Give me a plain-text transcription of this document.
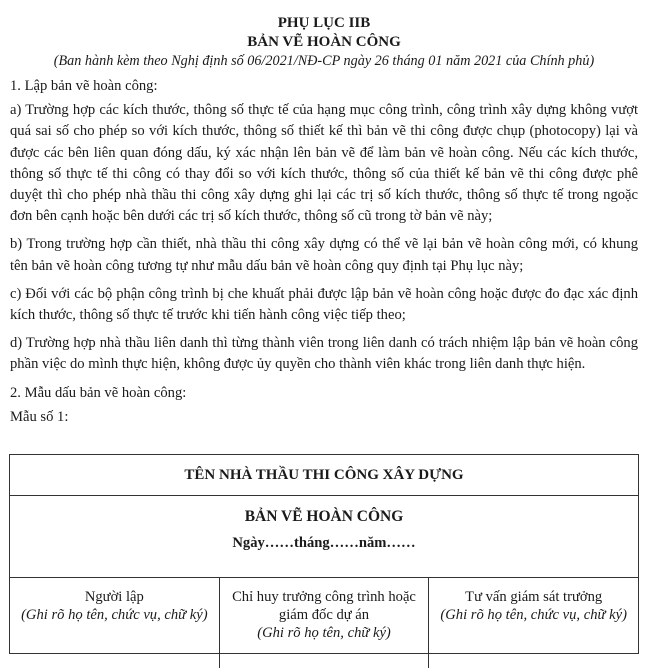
PHỤ LỤC IIB
BẢN VẼ HOÀN CÔNG
(Ban hành kèm theo Nghị định số 06/2021/NĐ-CP ngày 26 tháng 01 năm 2021 của Chính phủ)

1. Lập bản vẽ hoàn công:

a) Trường hợp các kích thước, thông số thực tế của hạng mục công trình, công trình xây dựng không vượt quá sai số cho phép so với kích thước, thông số thiết kế thì bản vẽ thi công được chụp (photocopy) lại và được các bên liên quan đóng dấu, ký xác nhận lên bản vẽ để làm bản vẽ hoàn công. Nếu các kích thước, thông số thực tế thi công có thay đổi so với kích thước, thông số của thiết kế bản vẽ thi công được phê duyệt thì cho phép nhà thầu thi công xây dựng ghi lại các trị số kích thước, thông số thực tế trong ngoặc đơn bên cạnh hoặc bên dưới các trị số kích thước, thông số cũ trong tờ bản vẽ này;

b) Trong trường hợp cần thiết, nhà thầu thi công xây dựng có thể vẽ lại bản vẽ hoàn công mới, có khung tên bản vẽ hoàn công tương tự như mẫu dấu bản vẽ hoàn công quy định tại Phụ lục này;

c) Đối với các bộ phận công trình bị che khuất phải được lập bản vẽ hoàn công hoặc được đo đạc xác định kích thước, thông số thực tế trước khi tiến hành công việc tiếp theo;

d) Trường hợp nhà thầu liên danh thì từng thành viên trong liên danh có trách nhiệm lập bản vẽ hoàn công phần việc do mình thực hiện, không được ủy quyền cho thành viên khác trong liên danh thực hiện.

2. Mẫu dấu bản vẽ hoàn công:

Mẫu số 1:

TÊN NHÀ THẦU THI CÔNG XÂY DỰNG
BẢN VẼ HOÀN CÔNG
Ngày……tháng……năm……
Người lập
(Ghi rõ họ tên, chức vụ, chữ ký)
Chỉ huy trưởng công trình hoặc giám đốc dự án
(Ghi rõ họ tên, chữ ký)
Tư vấn giám sát trưởng
(Ghi rõ họ tên, chức vụ, chữ ký)
